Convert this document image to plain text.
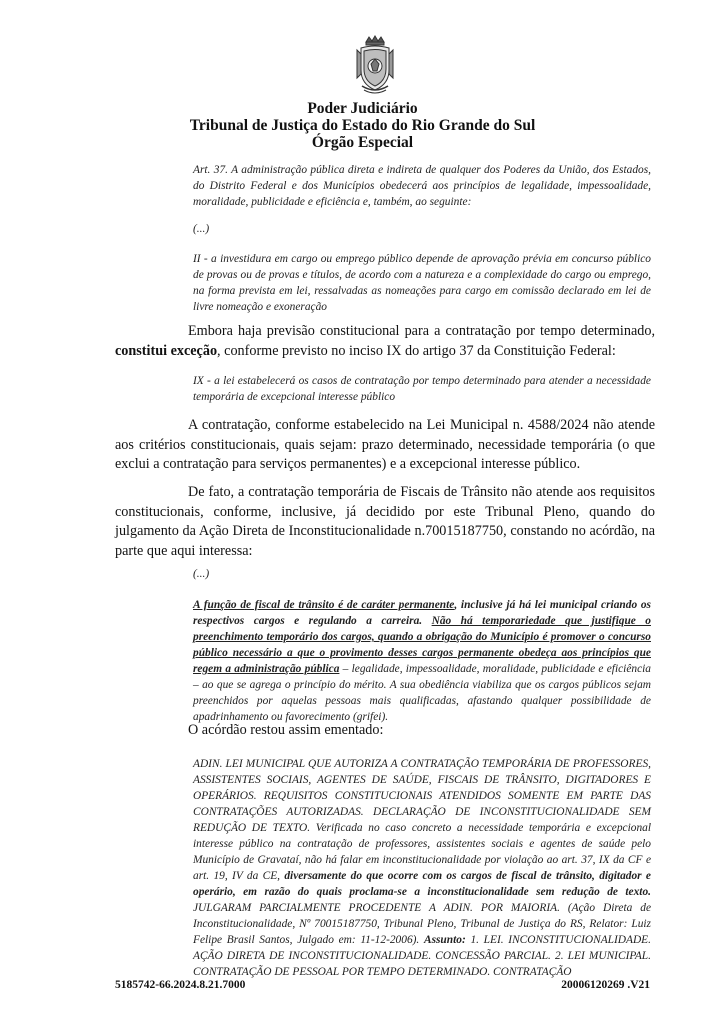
Poder Judiciário
Tribunal de Justiça do Estado do Rio Grande do Sul
Órgão Especial

Art. 37. A administração pública direta e indireta de qualquer dos Poderes da União, dos Estados, do Distrito Federal e dos Municípios obedecerá aos princípios de legalidade, impessoalidade, moralidade, publicidade e eficiência e, também, ao seguinte:

(...)

II - a investidura em cargo ou emprego público depende de aprovação prévia em concurso público de provas ou de provas e títulos, de acordo com a natureza e a complexidade do cargo ou emprego, na forma prevista em lei, ressalvadas as nomeações para cargo em comissão declarado em lei de livre nomeação e exoneração

Embora haja previsão constitucional para a contratação por tempo determinado, constitui exceção, conforme previsto no inciso IX do artigo 37 da Constituição Federal:

IX - a lei estabelecerá os casos de contratação por tempo determinado para atender a necessidade temporária de excepcional interesse público

A contratação, conforme estabelecido na Lei Municipal n. 4588/2024 não atende aos critérios constitucionais, quais sejam: prazo determinado, necessidade temporária (o que exclui a contratação para serviços permanentes) e a excepcional interesse público.

De fato, a contratação temporária de Fiscais de Trânsito não atende aos requisitos constitucionais, conforme, inclusive, já decidido por este Tribunal Pleno, quando do julgamento da Ação Direta de Inconstitucionalidade n.70015187750, constando no acórdão, na parte que aqui interessa:

(...)

A função de fiscal de trânsito é de caráter permanente, inclusive já há lei municipal criando os respectivos cargos e regulando a carreira. Não há temporariedade que justifique o preenchimento temporário dos cargos, quando a obrigação do Município é promover o concurso público necessário a que o provimento desses cargos permanente obedeça aos princípios que regem a administração pública – legalidade, impessoalidade, moralidade, publicidade e eficiência – ao que se agrega o princípio do mérito. A sua obediência viabiliza que os cargos públicos sejam preenchidos por aquelas pessoas mais qualificadas, afastando qualquer possibilidade de apadrinhamento ou favorecimento (grifei).

O acórdão restou assim ementado:

ADIN. LEI MUNICIPAL QUE AUTORIZA A CONTRATAÇÃO TEMPORÁRIA DE PROFESSORES, ASSISTENTES SOCIAIS, AGENTES DE SAÚDE, FISCAIS DE TRÂNSITO, DIGITADORES E OPERÁRIOS. REQUISITOS CONSTITUCIONAIS ATENDIDOS SOMENTE EM PARTE DAS CONTRATAÇÕES AUTORIZADAS. DECLARAÇÃO DE INCONSTITUCIONALIDADE SEM REDUÇÃO DE TEXTO. Verificada no caso concreto a necessidade temporária e excepcional interesse público na contratação de professores, assistentes sociais e agentes de saúde pelo Município de Gravataí, não há falar em inconstitucionalidade por violação ao art. 37, IX da CF e art. 19, IV da CE, diversamente do que ocorre com os cargos de fiscal de trânsito, digitador e operário, em razão do quais proclama-se a inconstitucionalidade sem redução de texto. JULGARAM PARCIALMENTE PROCEDENTE A ADIN. POR MAIORIA. (Ação Direta de Inconstitucionalidade, Nº 70015187750, Tribunal Pleno, Tribunal de Justiça do RS, Relator: Luiz Felipe Brasil Santos, Julgado em: 11-12-2006). Assunto: 1. LEI. INCONSTITUCIONALIDADE. AÇÃO DIRETA DE INCONSTITUCIONALIDADE. CONCESSÃO PARCIAL. 2. LEI MUNICIPAL. CONTRATAÇÃO DE PESSOAL POR TEMPO DETERMINADO. CONTRATAÇÃO

5185742-66.2024.8.21.7000	20006120269 .V21
